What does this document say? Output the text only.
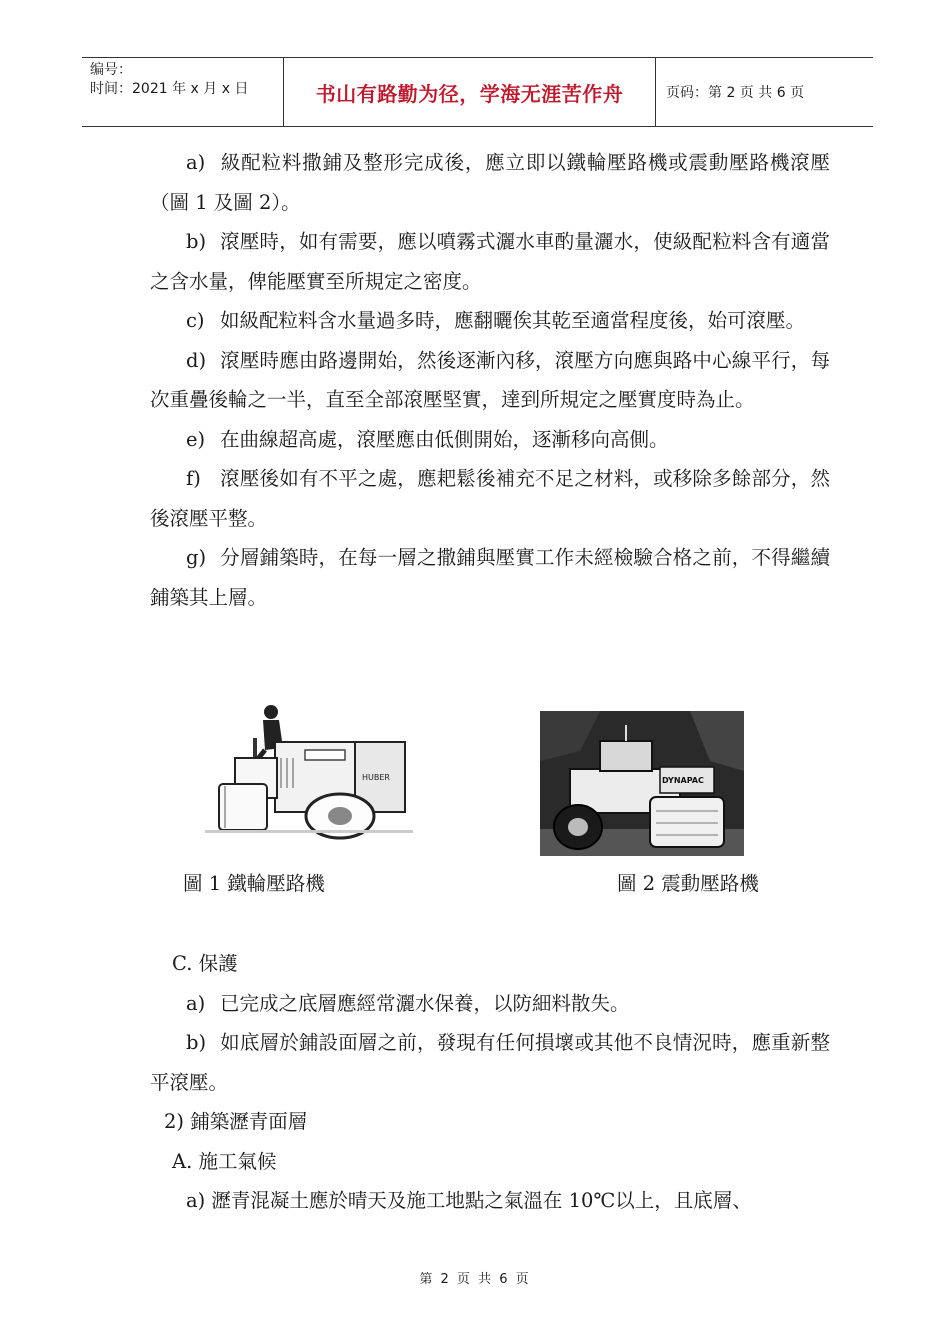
编号：
时间：2021 年 x 月 x 日	书山有路勤为径，学海无涯苦作舟	页码：第 2 页 共 6 页

a) 級配粒料撒鋪及整形完成後，應立即以鐵輪壓路機或震動壓路機滾壓（圖 1 及圖 2）。

b) 滾壓時，如有需要，應以噴霧式灑水車酌量灑水，使級配粒料含有適當之含水量，俾能壓實至所規定之密度。

c) 如級配粒料含水量過多時，應翻曬俟其乾至適當程度後，始可滾壓。

d) 滾壓時應由路邊開始，然後逐漸內移，滾壓方向應與路中心線平行，每次重疊後輪之一半，直至全部滾壓堅實，達到所規定之壓實度時為止。

e) 在曲線超高處，滾壓應由低側開始，逐漸移向高側。

f) 滾壓後如有不平之處，應耙鬆後補充不足之材料，或移除多餘部分，然後滾壓平整。

g) 分層鋪築時，在每一層之撒鋪與壓實工作未經檢驗合格之前，不得繼續鋪築其上層。

HUBER	DYNAPAC
圖 1 鐵輪壓路機	圖 2 震動壓路機

C. 保護

a) 已完成之底層應經常灑水保養，以防細料散失。

b) 如底層於鋪設面層之前，發現有任何損壞或其他不良情況時，應重新整平滾壓。

2) 鋪築瀝青面層

A. 施工氣候

a) 瀝青混凝土應於晴天及施工地點之氣溫在 10℃以上，且底層、

第 2 页 共 6 页
